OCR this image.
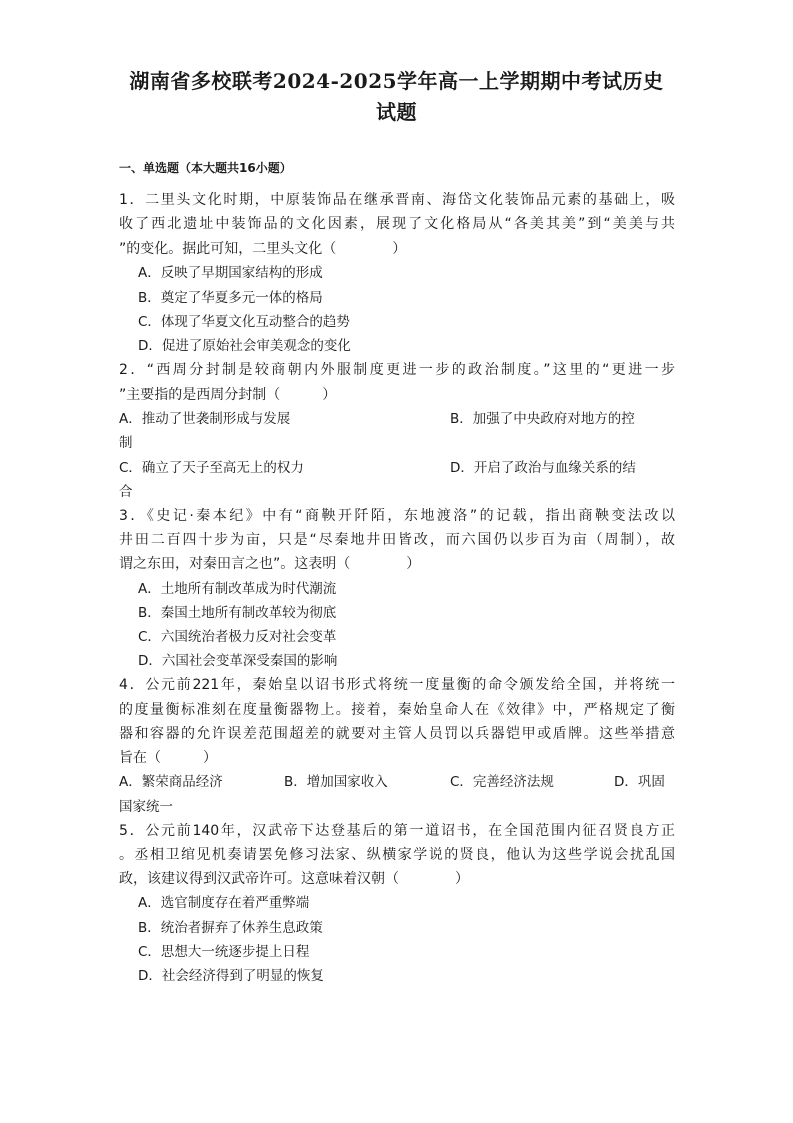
湖南省多校联考2024-2025学年高一上学期期中考试历史
试题
一、单选题（本大题共16小题）
1．二里头文化时期，中原装饰品在继承晋南、海岱文化装饰品元素的基础上，吸
收了西北遗址中装饰品的文化因素，展现了文化格局从“各美其美”到“美美与共
”的变化。据此可知，二里头文化（　　　　）
A．反映了早期国家结构的形成
B．奠定了华夏多元一体的格局
C．体现了华夏文化互动整合的趋势
D．促进了原始社会审美观念的变化
2．“西周分封制是较商朝内外服制度更进一步的政治制度。”这里的“更进一步
”主要指的是西周分封制（　　　）
A．推动了世袭制形成与发展	B．加强了中央政府对地方的控
制
C．确立了天子至高无上的权力	D．开启了政治与血缘关系的结
合
3．《史记·秦本纪》中有“商鞅开阡陌，东地渡洛”的记载，指出商鞅变法改以
井田二百四十步为亩，只是“尽秦地井田皆改，而六国仍以步百为亩（周制），故
谓之东田，对秦田言之也”。这表明（　　　　）
A．土地所有制改革成为时代潮流
B．秦国土地所有制改革较为彻底
C．六国统治者极力反对社会变革
D．六国社会变革深受秦国的影响
4．公元前221年，秦始皇以诏书形式将统一度量衡的命令颁发给全国，并将统一
的度量衡标准刻在度量衡器物上。接着，秦始皇命人在《效律》中，严格规定了衡
器和容器的允许误差范围超差的就要对主管人员罚以兵器铠甲或盾牌。这些举措意
旨在（　　　）
A．繁荣商品经济	B．增加国家收入	C．完善经济法规	D．巩固
国家统一
5．公元前140年，汉武帝下达登基后的第一道诏书，在全国范围内征召贤良方正
。丞相卫绾见机奏请罢免修习法家、纵横家学说的贤良，他认为这些学说会扰乱国
政，该建议得到汉武帝许可。这意味着汉朝（　　　　）
A．选官制度存在着严重弊端
B．统治者摒弃了休养生息政策
C．思想大一统逐步提上日程
D．社会经济得到了明显的恢复
